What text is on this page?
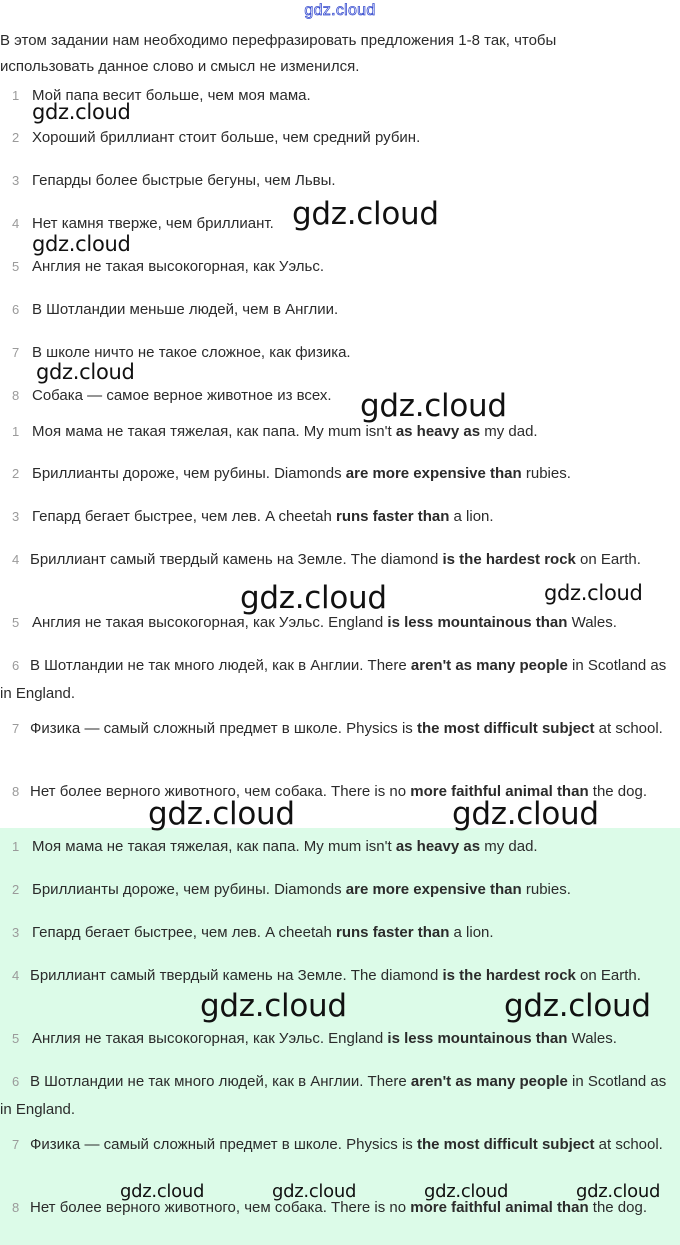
gdz.cloud
В этом задании нам необходимо перефразировать предложения 1-8 так, чтобы
использовать данное слово и смысл не изменился.
1 Мой папа весит больше, чем моя мама.
2 Хороший бриллиант стоит больше, чем средний рубин.
3 Гепарды более быстрые бегуны, чем Львы.
4 Нет камня тверже, чем бриллиант.
5 Англия не такая высокогорная, как Уэльс.
6 В Шотландии меньше людей, чем в Англии.
7 В школе ничто не такое сложное, как физика.
8 Собака — самое верное животное из всех.
1 Моя мама не такая тяжелая, как папа. My mum isn't as heavy as my dad.
2 Бриллианты дороже, чем рубины. Diamonds are more expensive than rubies.
3 Гепард бегает быстрее, чем лев. A cheetah runs faster than a lion.
4 Бриллиант самый твердый камень на Земле. The diamond is the hardest rock on Earth.
5 Англия не такая высокогорная, как Уэльс. England is less mountainous than Wales.
6 В Шотландии не так много людей, как в Англии. There aren't as many people in Scotland as in England.
7 Физика — самый сложный предмет в школе. Physics is the most difficult subject at school.
8 Нет более верного животного, чем собака. There is no more faithful animal than the dog.
1 Моя мама не такая тяжелая, как папа. My mum isn't as heavy as my dad.
2 Бриллианты дороже, чем рубины. Diamonds are more expensive than rubies.
3 Гепард бегает быстрее, чем лев. A cheetah runs faster than a lion.
4 Бриллиант самый твердый камень на Земле. The diamond is the hardest rock on Earth.
5 Англия не такая высокогорная, как Уэльс. England is less mountainous than Wales.
6 В Шотландии не так много людей, как в Англии. There aren't as many people in Scotland as in England.
7 Физика — самый сложный предмет в школе. Physics is the most difficult subject at school.
8 Нет более верного животного, чем собака. There is no more faithful animal than the dog.
gdz.cloud
gdz.cloud
gdz.cloud
gdz.cloud
gdz.cloud
gdz.cloud	gdz.cloud
gdz.cloud	gdz.cloud
gdz.cloud	gdz.cloud
gdz.cloud	gdz.cloud	gdz.cloud	gdz.cloud
